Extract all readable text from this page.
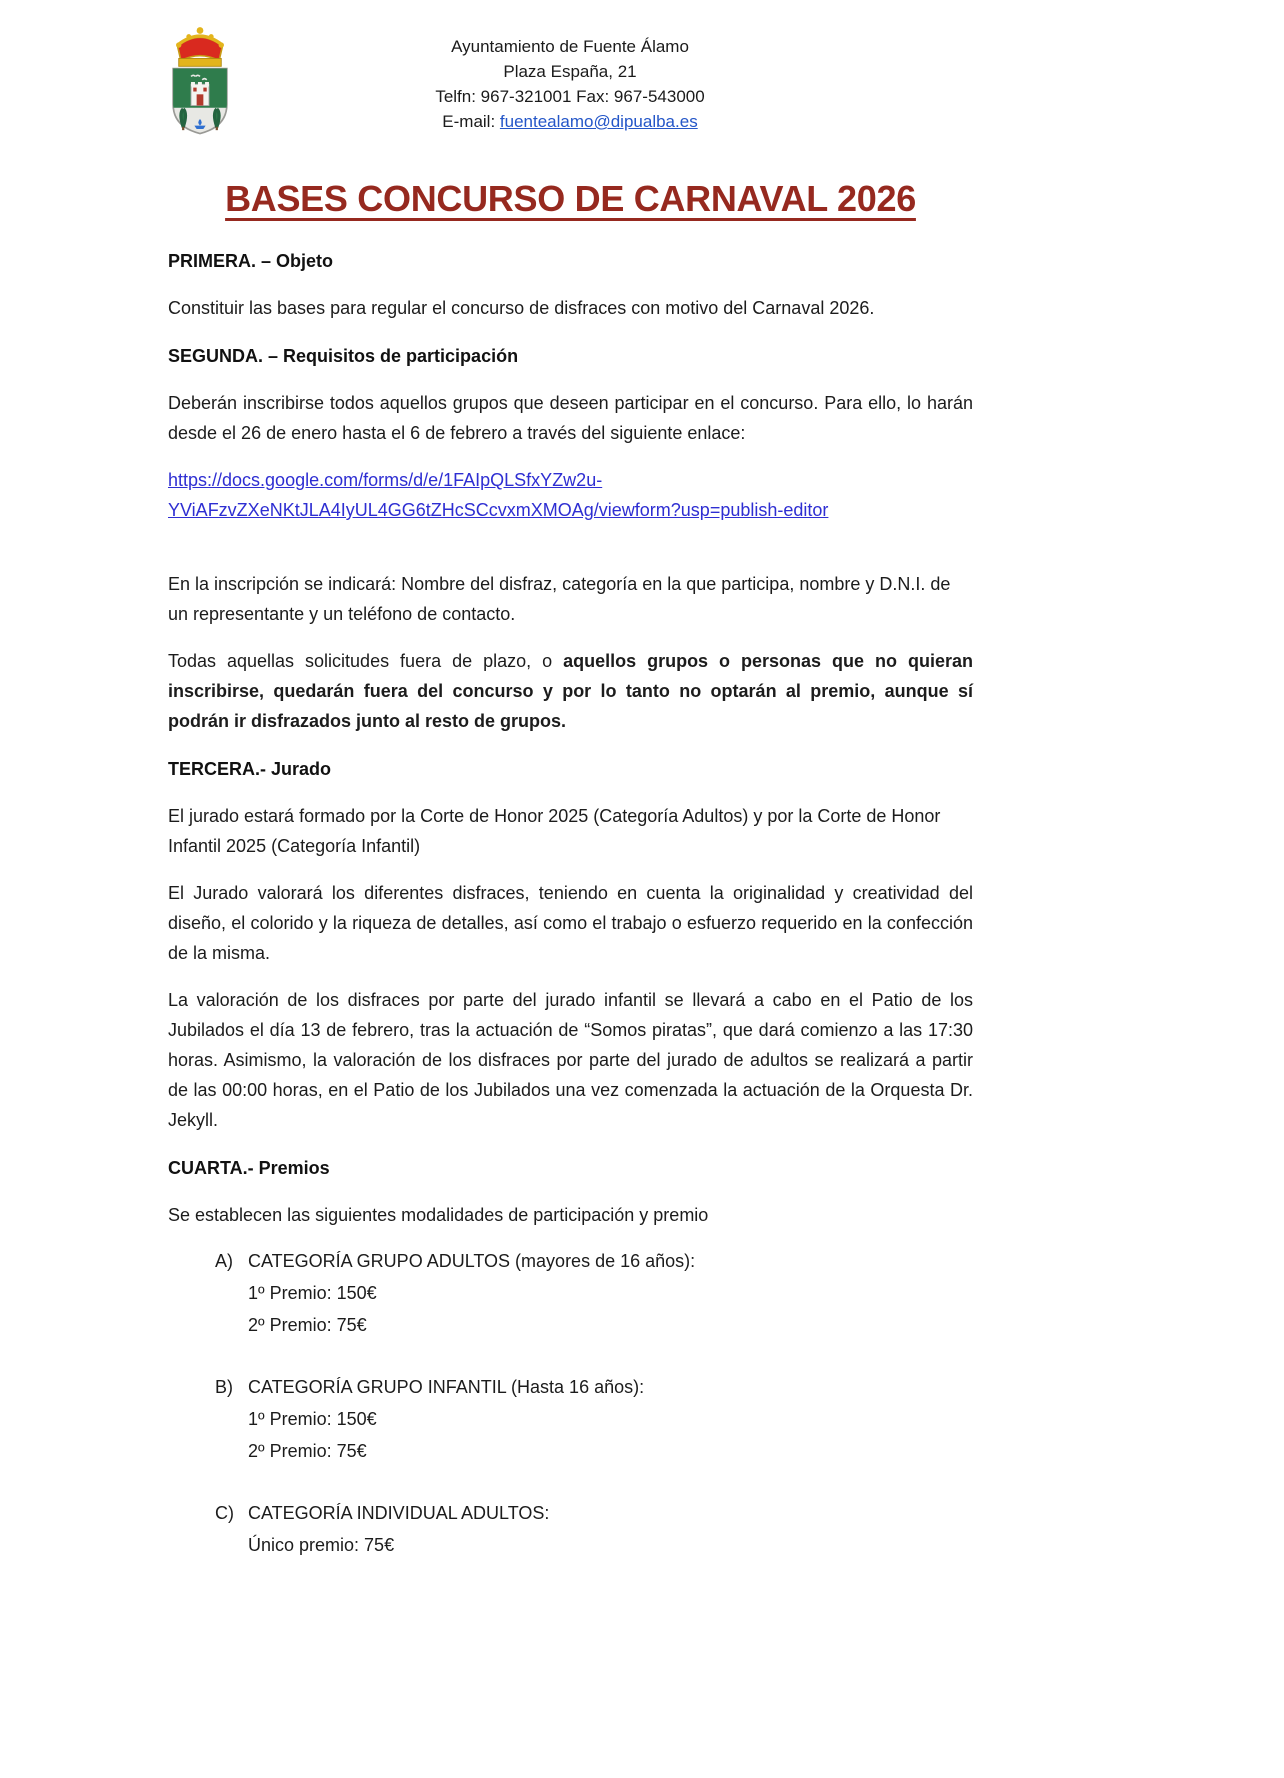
Ayuntamiento de Fuente Álamo
Plaza España, 21
Telfn: 967-321001 Fax: 967-543000
E-mail: fuentealamo@dipualba.es
BASES CONCURSO DE CARNAVAL 2026
PRIMERA. – Objeto

Constituir las bases para regular el concurso de disfraces con motivo del Carnaval 2026.

SEGUNDA. – Requisitos de participación

Deberán inscribirse todos aquellos grupos que deseen participar en el concurso. Para ello, lo harán desde el 26 de enero hasta el 6 de febrero a través del siguiente enlace:

https://docs.google.com/forms/d/e/1FAIpQLSfxYZw2u-
YViAFzvZXeNKtJLA4IyUL4GG6tZHcSCcvxmXMOAg/viewform?usp=publish-editor

En la inscripción se indicará: Nombre del disfraz, categoría en la que participa, nombre y D.N.I. de un representante y un teléfono de contacto.

Todas aquellas solicitudes fuera de plazo, o aquellos grupos o personas que no quieran inscribirse, quedarán fuera del concurso y por lo tanto no optarán al premio, aunque sí podrán ir disfrazados junto al resto de grupos.

TERCERA.- Jurado

El jurado estará formado por la Corte de Honor 2025 (Categoría Adultos) y por la Corte de Honor Infantil 2025 (Categoría Infantil)

El Jurado valorará los diferentes disfraces, teniendo en cuenta la originalidad y creatividad del diseño, el colorido y la riqueza de detalles, así como el trabajo o esfuerzo requerido en la confección de la misma.

La valoración de los disfraces por parte del jurado infantil se llevará a cabo en el Patio de los Jubilados el día 13 de febrero, tras la actuación de “Somos piratas”, que dará comienzo a las 17:30 horas. Asimismo, la valoración de los disfraces por parte del jurado de adultos se realizará a partir de las 00:00 horas, en el Patio de los Jubilados una vez comenzada la actuación de la Orquesta Dr. Jekyll.

CUARTA.- Premios

Se establecen las siguientes modalidades de participación y premio

A) CATEGORÍA GRUPO ADULTOS (mayores de 16 años):
1º Premio: 150€
2º Premio: 75€
B) CATEGORÍA GRUPO INFANTIL (Hasta 16 años):
1º Premio: 150€
2º Premio: 75€
C) CATEGORÍA INDIVIDUAL ADULTOS:
Único premio: 75€
